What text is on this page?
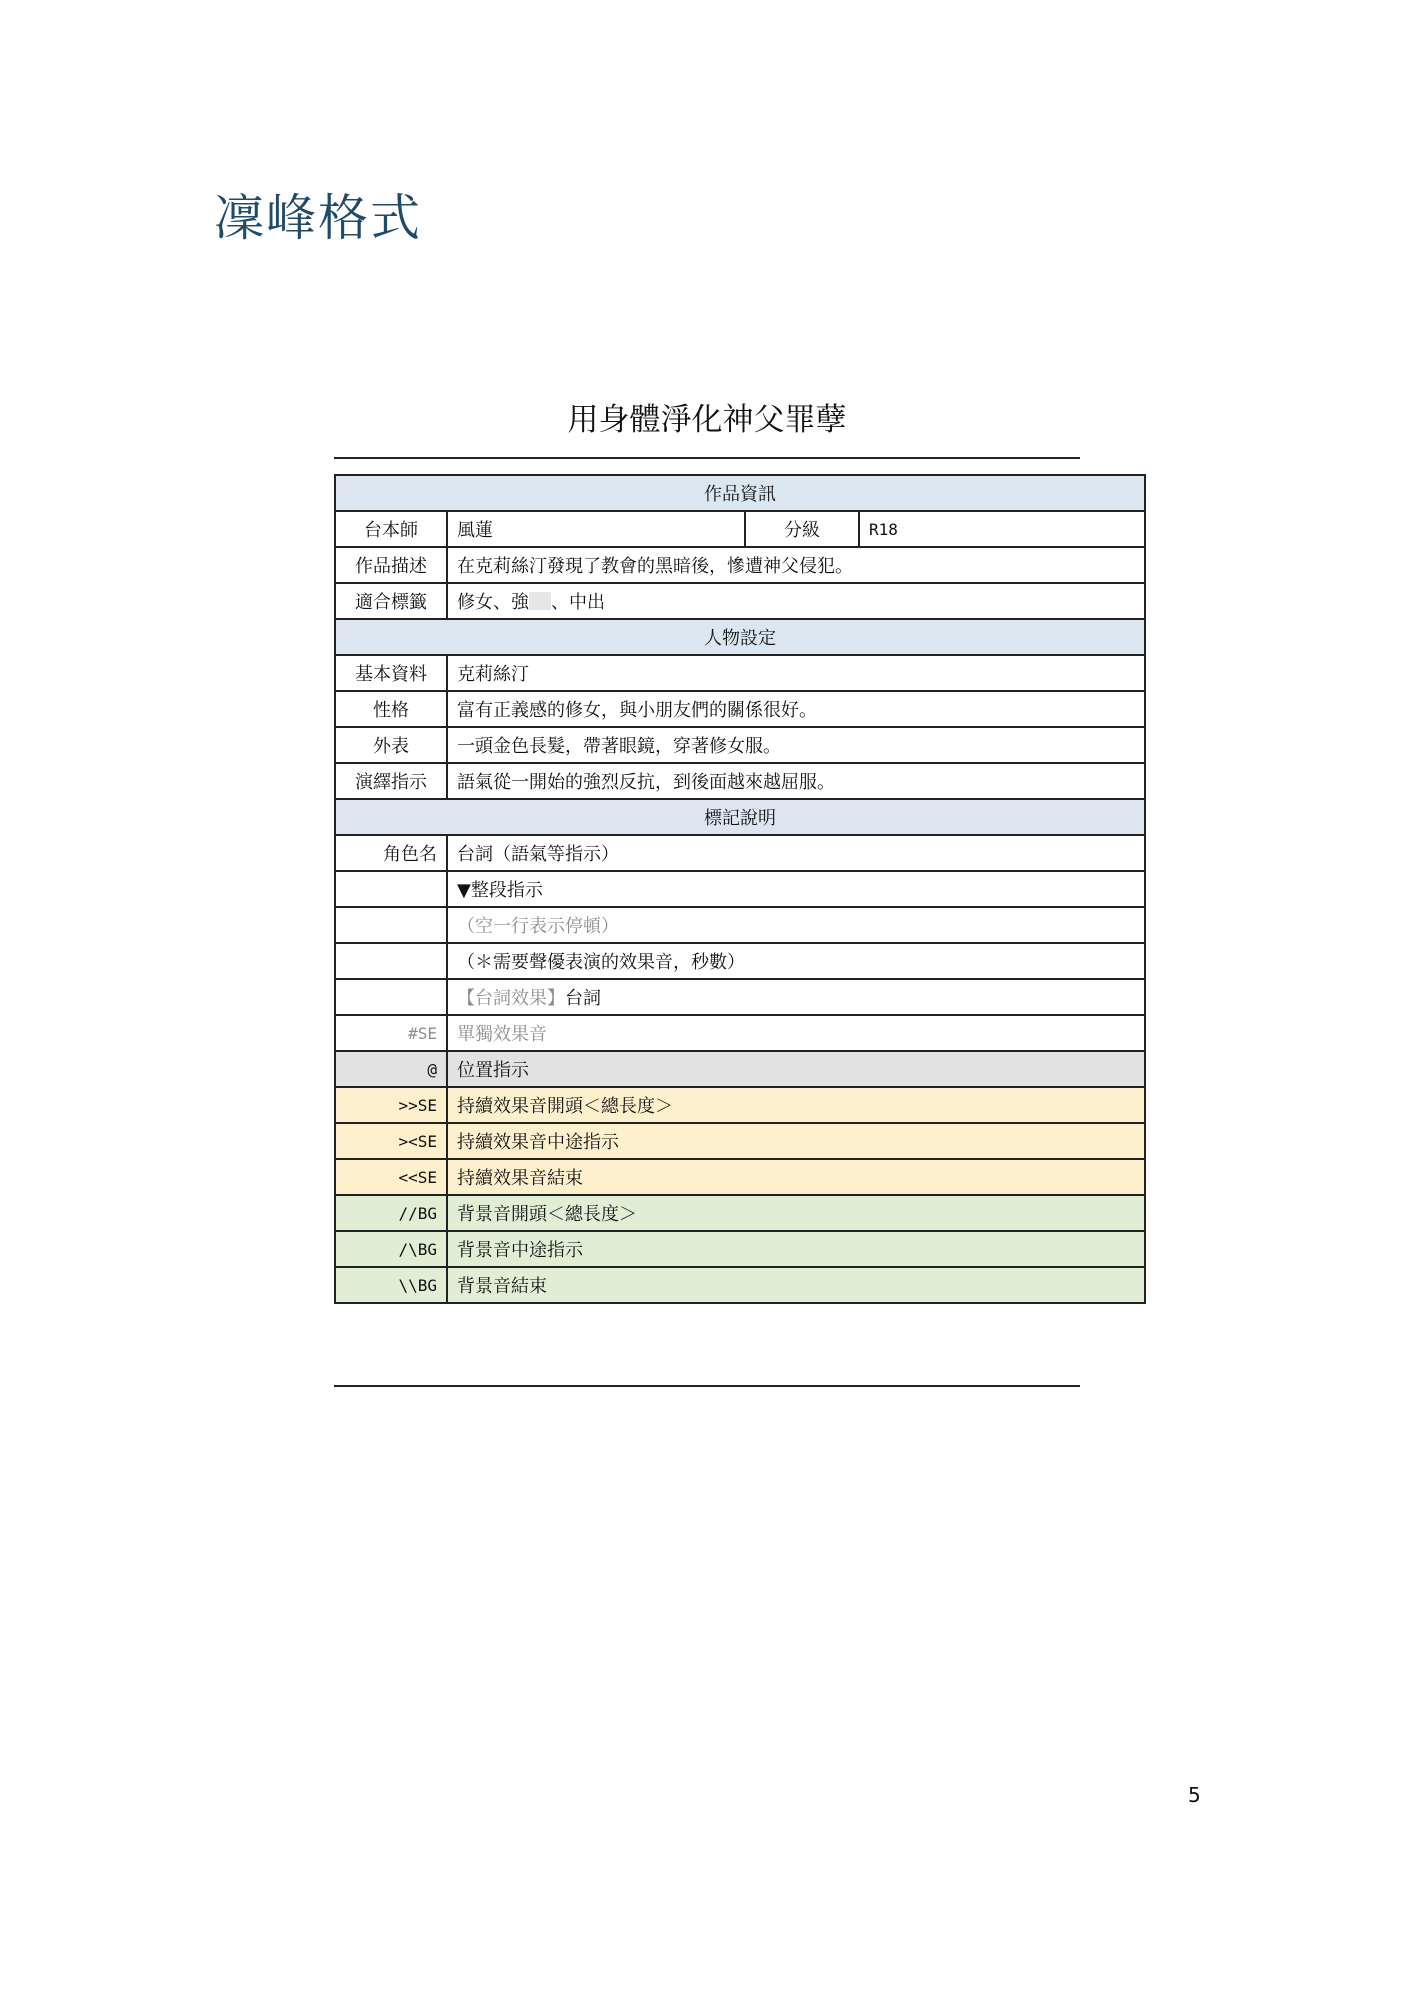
凜峰格式
用身體淨化神父罪孽
作品資訊			
台本師	風蓮	分級	R18
作品描述	在克莉絲汀發現了教會的黑暗後，慘遭神父侵犯。		
適合標籤	修女、強 、中出		
人物設定			
基本資料	克莉絲汀		
性格	富有正義感的修女，與小朋友們的關係很好。		
外表	一頭金色長髮，帶著眼鏡，穿著修女服。		
演繹指示	語氣從一開始的強烈反抗，到後面越來越屈服。		
標記說明			
角色名	台詞（語氣等指示）		
	▼整段指示		
	（空一行表示停頓）		
	（＊需要聲優表演的效果音，秒數）		
	【台詞效果】台詞		
#SE	單獨效果音		
@	位置指示		
>>SE	持續效果音開頭＜總長度＞		
><SE	持續效果音中途指示		
<<SE	持續效果音結束		
//BG	背景音開頭＜總長度＞		
/\BG	背景音中途指示		
\\BG	背景音結束		
5
